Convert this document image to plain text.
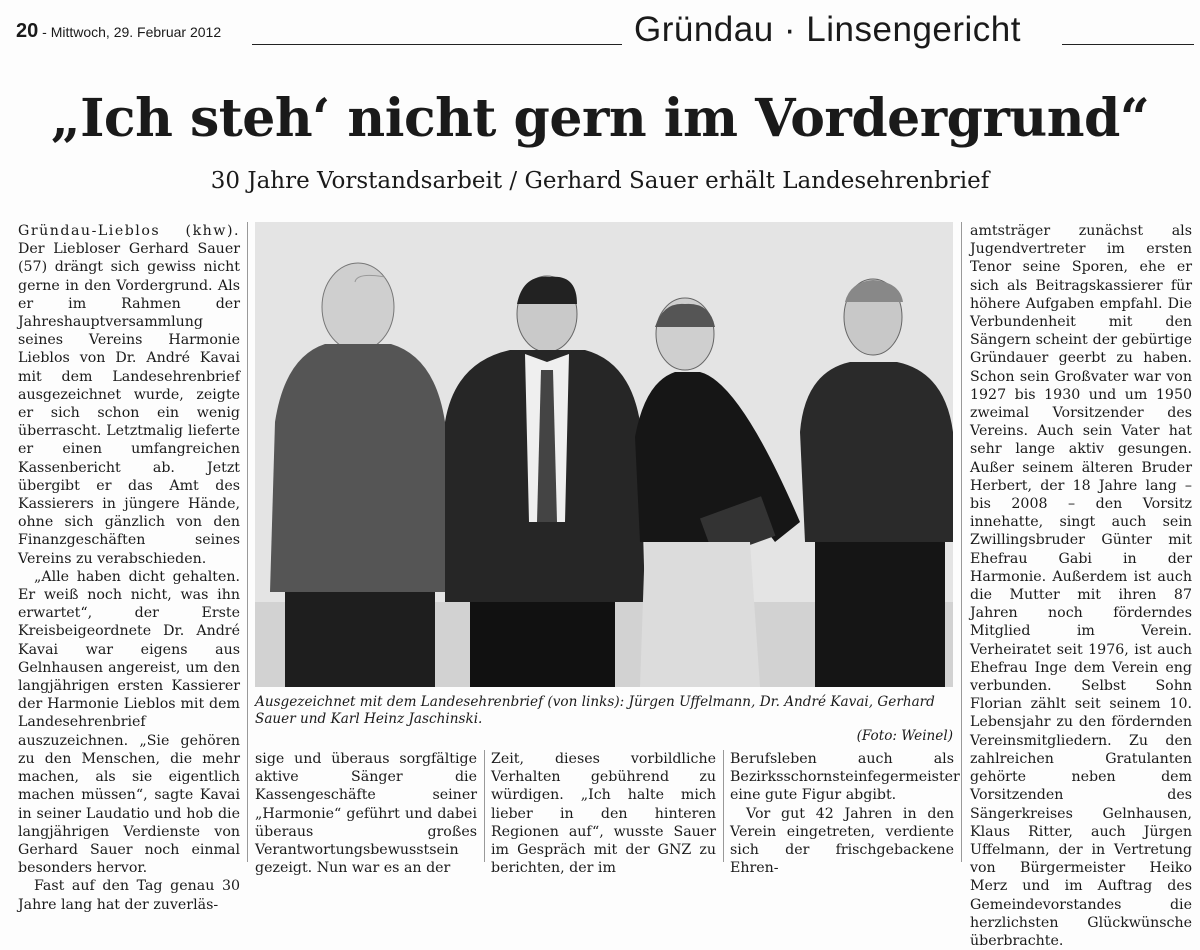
20 - Mittwoch, 29. Februar 2012	Gründau · Linsengericht
„Ich steh‘ nicht gern im Vordergrund“
30 Jahre Vorstandsarbeit / Gerhard Sauer erhält Landesehrenbrief

Gründau-Lieblos (khw). Der Liebloser Gerhard Sauer (57) drängt sich gewiss nicht gerne in den Vordergrund. Als er im Rahmen der Jahreshauptversammlung seines Vereins Harmonie Lieblos von Dr. André Kavai mit dem Landesehrenbrief ausgezeichnet wurde, zeigte er sich schon ein wenig überrascht. Letztmalig lieferte er einen umfangreichen Kassenbericht ab. Jetzt übergibt er das Amt des Kassierers in jüngere Hände, ohne sich gänzlich von den Finanzgeschäften seines Vereins zu verabschieden.

„Alle haben dicht gehalten. Er weiß noch nicht, was ihn erwartet“, der Erste Kreisbeigeordnete Dr. André Kavai war eigens aus Gelnhausen angereist, um den langjährigen ersten Kassierer der Harmonie Lieblos mit dem Landesehrenbrief auszuzeichnen. „Sie gehören zu den Menschen, die mehr machen, als sie eigentlich machen müssen“, sagte Kavai in seiner Laudatio und hob die langjährigen Verdienste von Gerhard Sauer noch einmal besonders hervor.

Fast auf den Tag genau 30 Jahre lang hat der zuverläs-

Ausgezeichnet mit dem Landesehrenbrief (von links): Jürgen Uffelmann, Dr. André Kavai, Gerhard Sauer und Karl Heinz Jaschinski.
(Foto: Weinel)

sige und überaus sorgfältige aktive Sänger die Kassengeschäfte seiner „Harmonie“ geführt und dabei überaus großes Verantwortungsbewusstsein gezeigt. Nun war es an der

Zeit, dieses vorbildliche Verhalten gebührend zu würdigen. „Ich halte mich lieber in den hinteren Regionen auf“, wusste Sauer im Gespräch mit der GNZ zu berichten, der im

Berufsleben auch als Bezirksschornsteinfegermeister eine gute Figur abgibt.

Vor gut 42 Jahren in den Verein eingetreten, verdiente sich der frischgebackene Ehren-

amtsträger zunächst als Jugendvertreter im ersten Tenor seine Sporen, ehe er sich als Beitragskassierer für höhere Aufgaben empfahl. Die Verbundenheit mit den Sängern scheint der gebürtige Gründauer geerbt zu haben. Schon sein Großvater war von 1927 bis 1930 und um 1950 zweimal Vorsitzender des Vereins. Auch sein Vater hat sehr lange aktiv gesungen. Außer seinem älteren Bruder Herbert, der 18 Jahre lang – bis 2008 – den Vorsitz innehatte, singt auch sein Zwillingsbruder Günter mit Ehefrau Gabi in der Harmonie. Außerdem ist auch die Mutter mit ihren 87 Jahren noch förderndes Mitglied im Verein. Verheiratet seit 1976, ist auch Ehefrau Inge dem Verein eng verbunden. Selbst Sohn Florian zählt seit seinem 10. Lebensjahr zu den fördernden Vereinsmitgliedern. Zu den zahlreichen Gratulanten gehörte neben dem Vorsitzenden des Sängerkreises Gelnhausen, Klaus Ritter, auch Jürgen Uffelmann, der in Vertretung von Bürgermeister Heiko Merz und im Auftrag des Gemeindevorstandes die herzlichsten Glückwünsche überbrachte.
